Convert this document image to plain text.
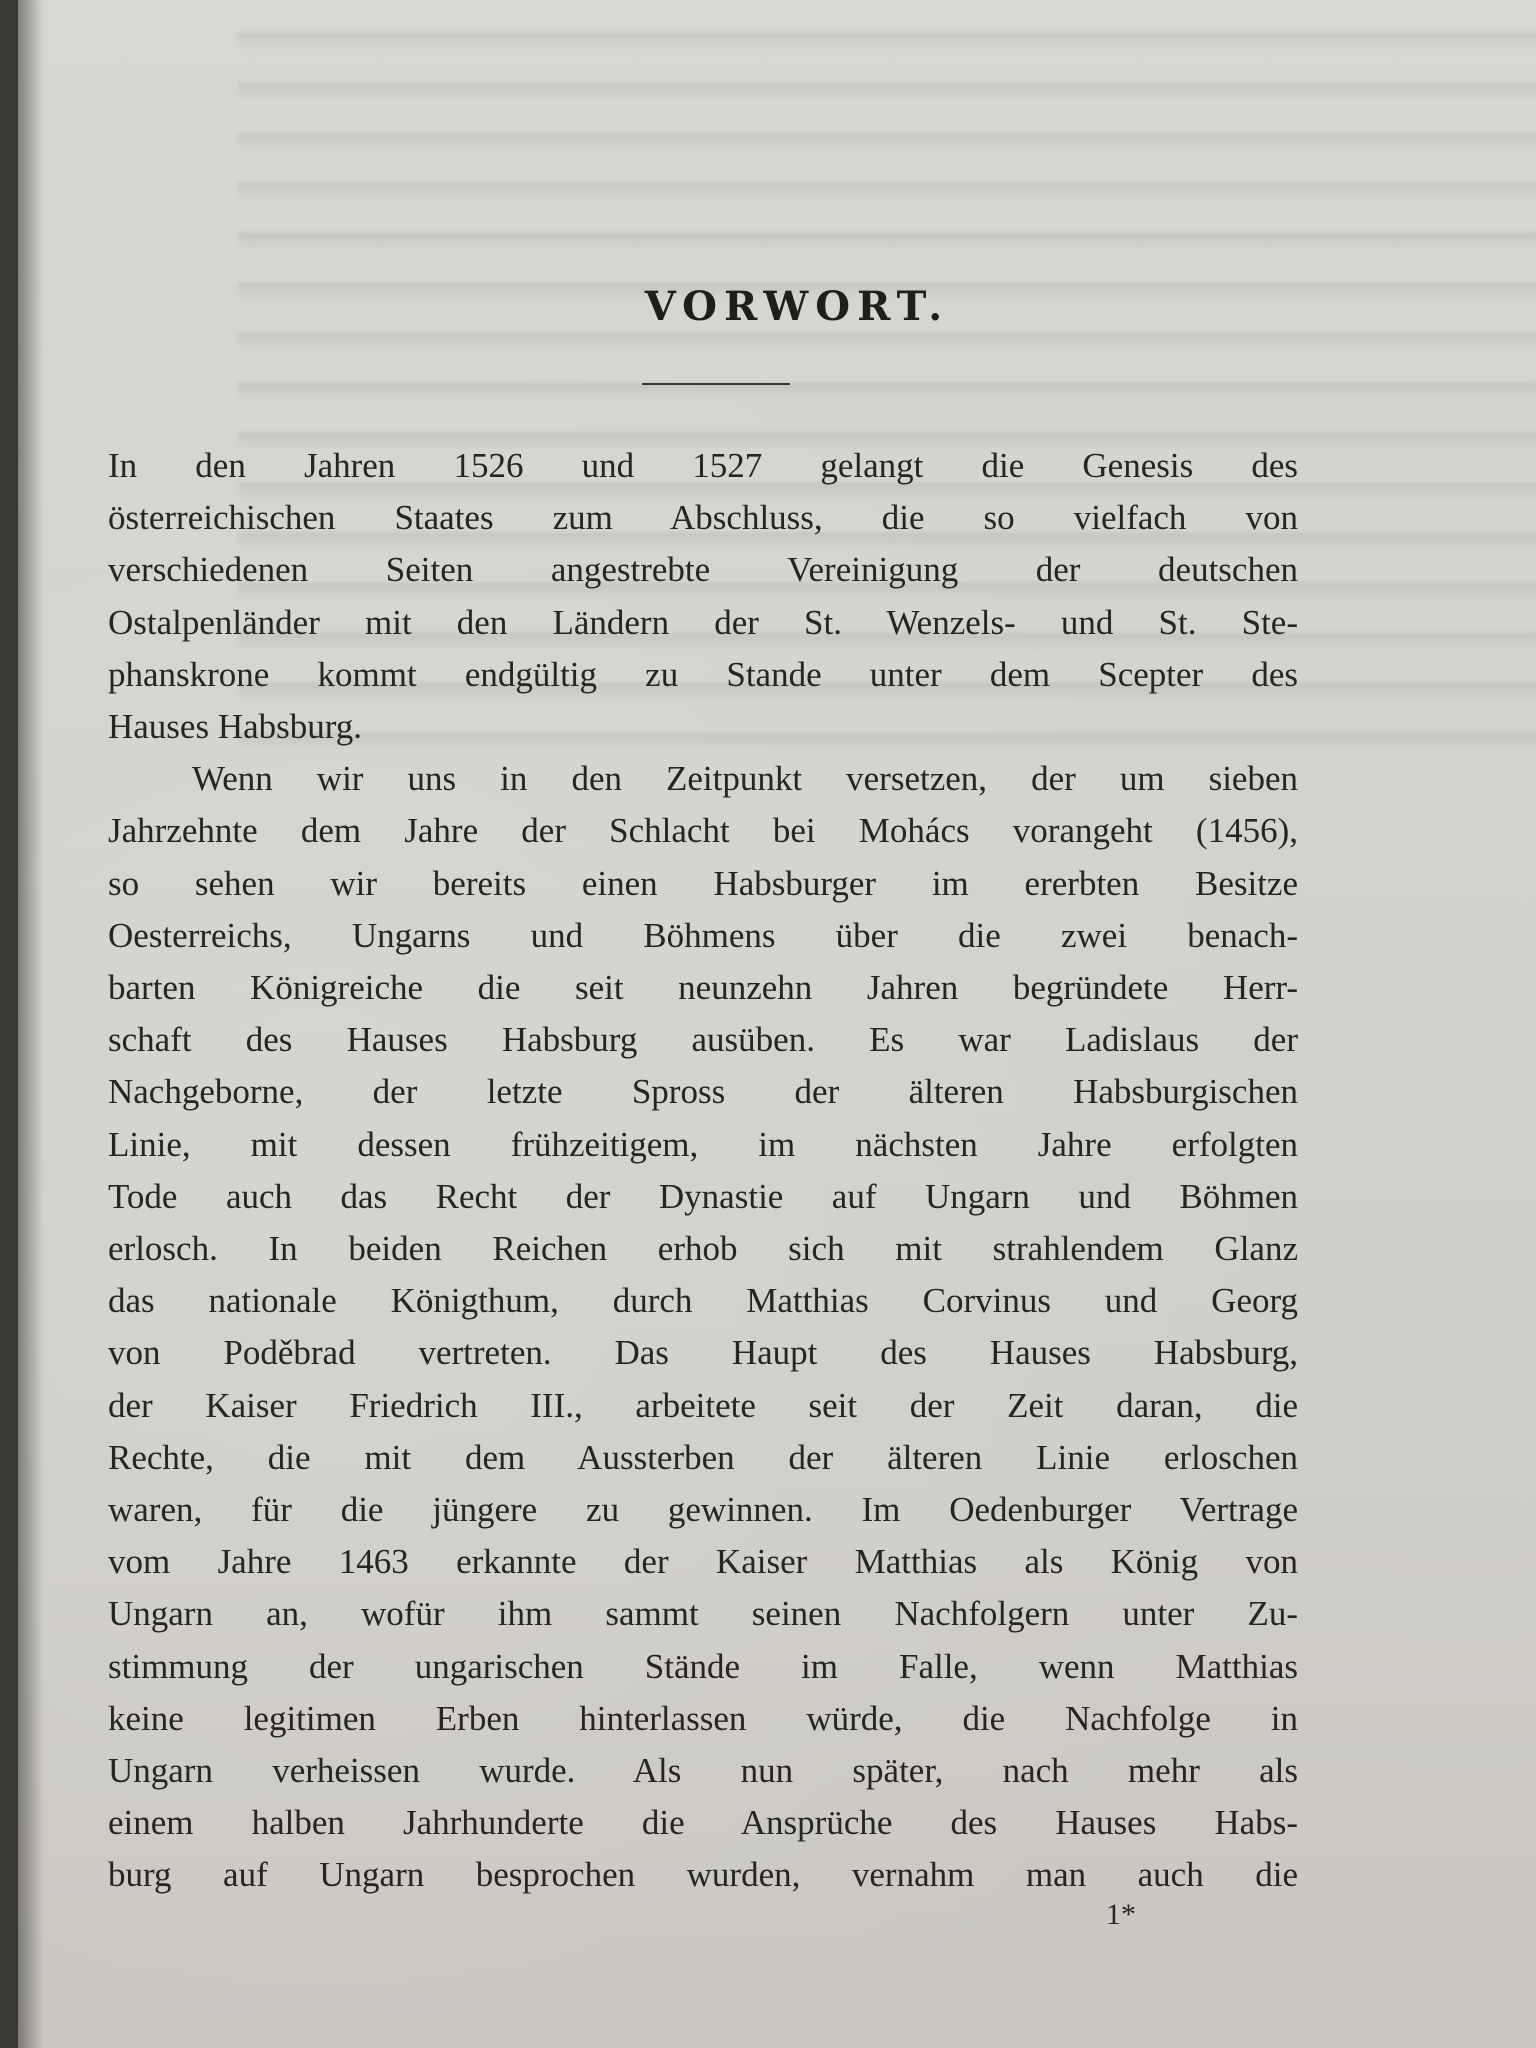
VORWORT.
In den Jahren 1526 und 1527 gelangt die Genesis des
österreichischen Staates zum Abschluss, die so vielfach von
verschiedenen Seiten angestrebte Vereinigung der deutschen
Ostalpenländer mit den Ländern der St. Wenzels- und St. Ste-
phanskrone kommt endgültig zu Stande unter dem Scepter des
Hauses Habsburg.
Wenn wir uns in den Zeitpunkt versetzen, der um sieben
Jahrzehnte dem Jahre der Schlacht bei Mohács vorangeht (1456),
so sehen wir bereits einen Habsburger im ererbten Besitze
Oesterreichs, Ungarns und Böhmens über die zwei benach-
barten Königreiche die seit neunzehn Jahren begründete Herr-
schaft des Hauses Habsburg ausüben. Es war Ladislaus der
Nachgeborne, der letzte Spross der älteren Habsburgischen
Linie, mit dessen frühzeitigem, im nächsten Jahre erfolgten
Tode auch das Recht der Dynastie auf Ungarn und Böhmen
erlosch. In beiden Reichen erhob sich mit strahlendem Glanz
das nationale Königthum, durch Matthias Corvinus und Georg
von Poděbrad vertreten. Das Haupt des Hauses Habsburg,
der Kaiser Friedrich III., arbeitete seit der Zeit daran, die
Rechte, die mit dem Aussterben der älteren Linie erloschen
waren, für die jüngere zu gewinnen. Im Oedenburger Vertrage
vom Jahre 1463 erkannte der Kaiser Matthias als König von
Ungarn an, wofür ihm sammt seinen Nachfolgern unter Zu-
stimmung der ungarischen Stände im Falle, wenn Matthias
keine legitimen Erben hinterlassen würde, die Nachfolge in
Ungarn verheissen wurde. Als nun später, nach mehr als
einem halben Jahrhunderte die Ansprüche des Hauses Habs-
burg auf Ungarn besprochen wurden, vernahm man auch die
1*
